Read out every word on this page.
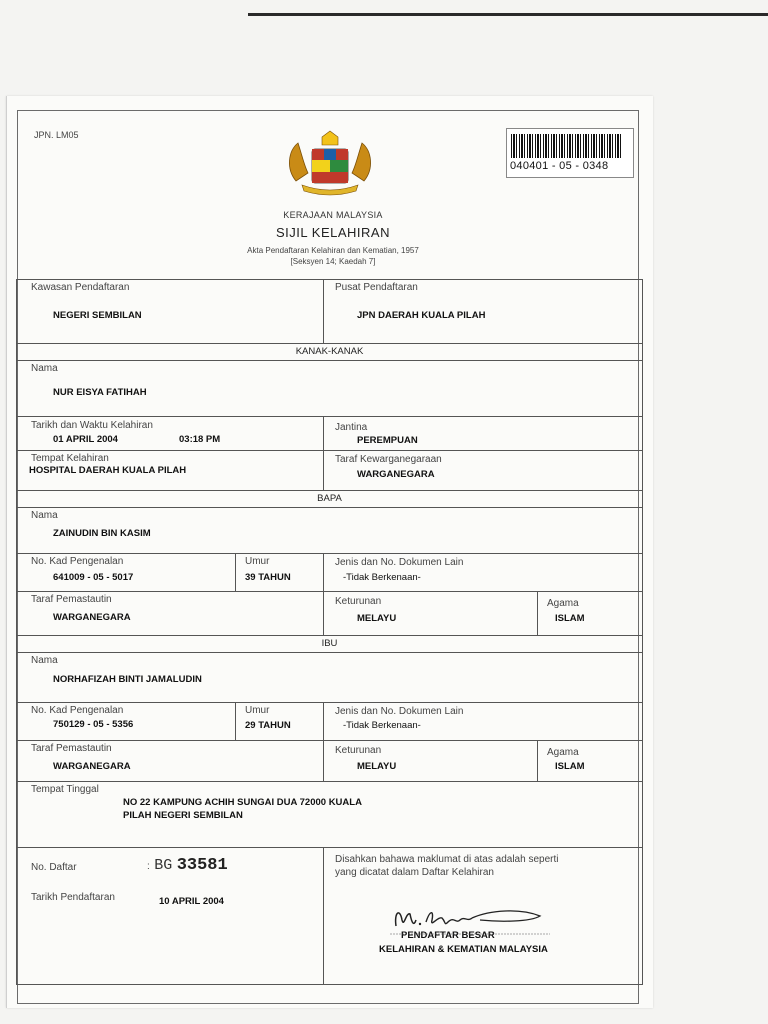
JPN. LM05
040401 - 05 - 0348
KERAJAAN MALAYSIA
SIJIL KELAHIRAN
Akta Pendaftaran Kelahiran dan Kematian, 1957
[Seksyen 14; Kaedah 7]
Kawasan Pendaftaran
NEGERI SEMBILAN
Pusat Pendaftaran
JPN DAERAH KUALA PILAH
KANAK-KANAK
Nama
NUR EISYA FATIHAH
Tarikh dan Waktu Kelahiran
01 APRIL 2004	03:18 PM
Jantina
PEREMPUAN
Tempat Kelahiran
HOSPITAL DAERAH KUALA PILAH
Taraf Kewarganegaraan
WARGANEGARA
BAPA
Nama
ZAINUDIN BIN KASIM
No. Kad Pengenalan
641009 - 05 - 5017
Umur
39 TAHUN
Jenis dan No. Dokumen Lain
-Tidak Berkenaan-
Taraf Pemastautin
WARGANEGARA
Keturunan
MELAYU
Agama
ISLAM
IBU
Nama
NORHAFIZAH BINTI JAMALUDIN
No. Kad Pengenalan
750129 - 05 - 5356
Umur
29 TAHUN
Jenis dan No. Dokumen Lain
-Tidak Berkenaan-
Taraf Pemastautin
WARGANEGARA
Keturunan
MELAYU
Agama
ISLAM
Tempat Tinggal
NO 22 KAMPUNG ACHIH SUNGAI DUA 72000 KUALA
PILAH NEGERI SEMBILAN
No. Daftar	: BG 33581
Tarikh Pendaftaran	10 APRIL 2004
Disahkan bahawa maklumat di atas adalah seperti
yang dicatat dalam Daftar Kelahiran
PENDAFTAR BESAR
KELAHIRAN & KEMATIAN MALAYSIA
